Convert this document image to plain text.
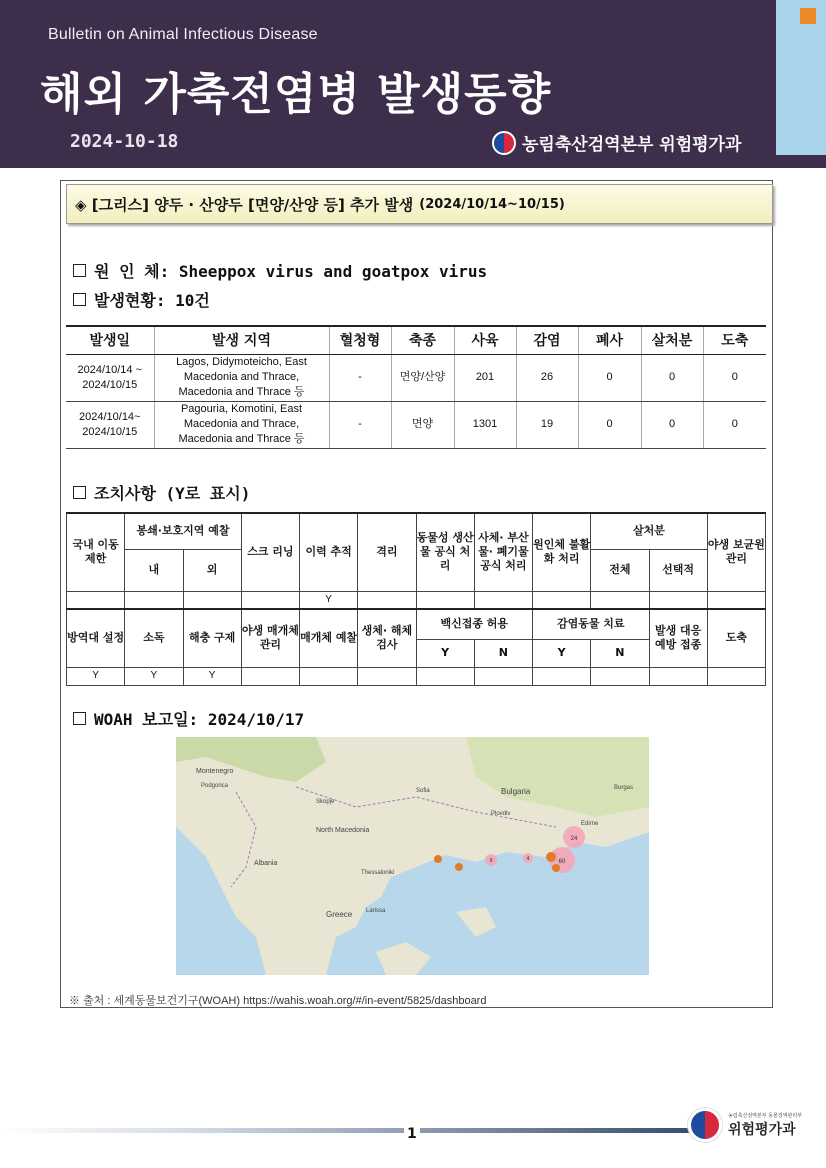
Bulletin on Animal Infectious Disease
해외 가축전염병 발생동향
2024-10-18	농림축산검역본부 위험평가과
◈ [그리스] 양두 · 산양두 [면양/산양 등] 추가 발생 (2024/10/14~10/15)
원 인 체: Sheeppox virus and goatpox virus
발생현황: 10건
발생일	발생 지역	혈청형	축종	사육	감염	폐사	살처분	도축
2024/10/14 ~ 2024/10/15	Lagos, Didymoteicho, East Macedonia and Thrace, Macedonia and Thrace 등	-	면양/산양	201	26	0	0	0
2024/10/14~ 2024/10/15	Pagouria, Komotini, East Macedonia and Thrace, Macedonia and Thrace 등	-	면양	1301	19	0	0	0
조치사항 (Y로 표시)
국내 이동 제한	봉쇄·보호지역 예찰		스크 리닝	이력 추적	격리	동물성 생산물 공식 처리	사체· 부산물· 폐기물 공식 처리	원인체 불활화 처리	살처분		야생 보균원 관리
	내	외							전체	선택적	
				Y							
방역대 설정	소독	해충 구제	야생 매개체 관리	매개체 예찰	생체· 해체 검사	백신접종 허용		감염동물 치료		발생 대응 예방 접종	도축
						Y	N	Y	N		
Y	Y	Y									
WOAH 보고일: 2024/10/17
24
60
9	4
Montenegro
Podgorica
North Macedonia
Albania
Bulgaria
Thessaloniki
Greece
Plovdiv
Burgas
Edirne
Sofia
Skopje
Larissa
※ 출처 : 세계동물보건기구(WOAH) https://wahis.woah.org/#/in-event/5825/dashboard
1
농림축산검역본부 동물검역관리부
위험평가과
